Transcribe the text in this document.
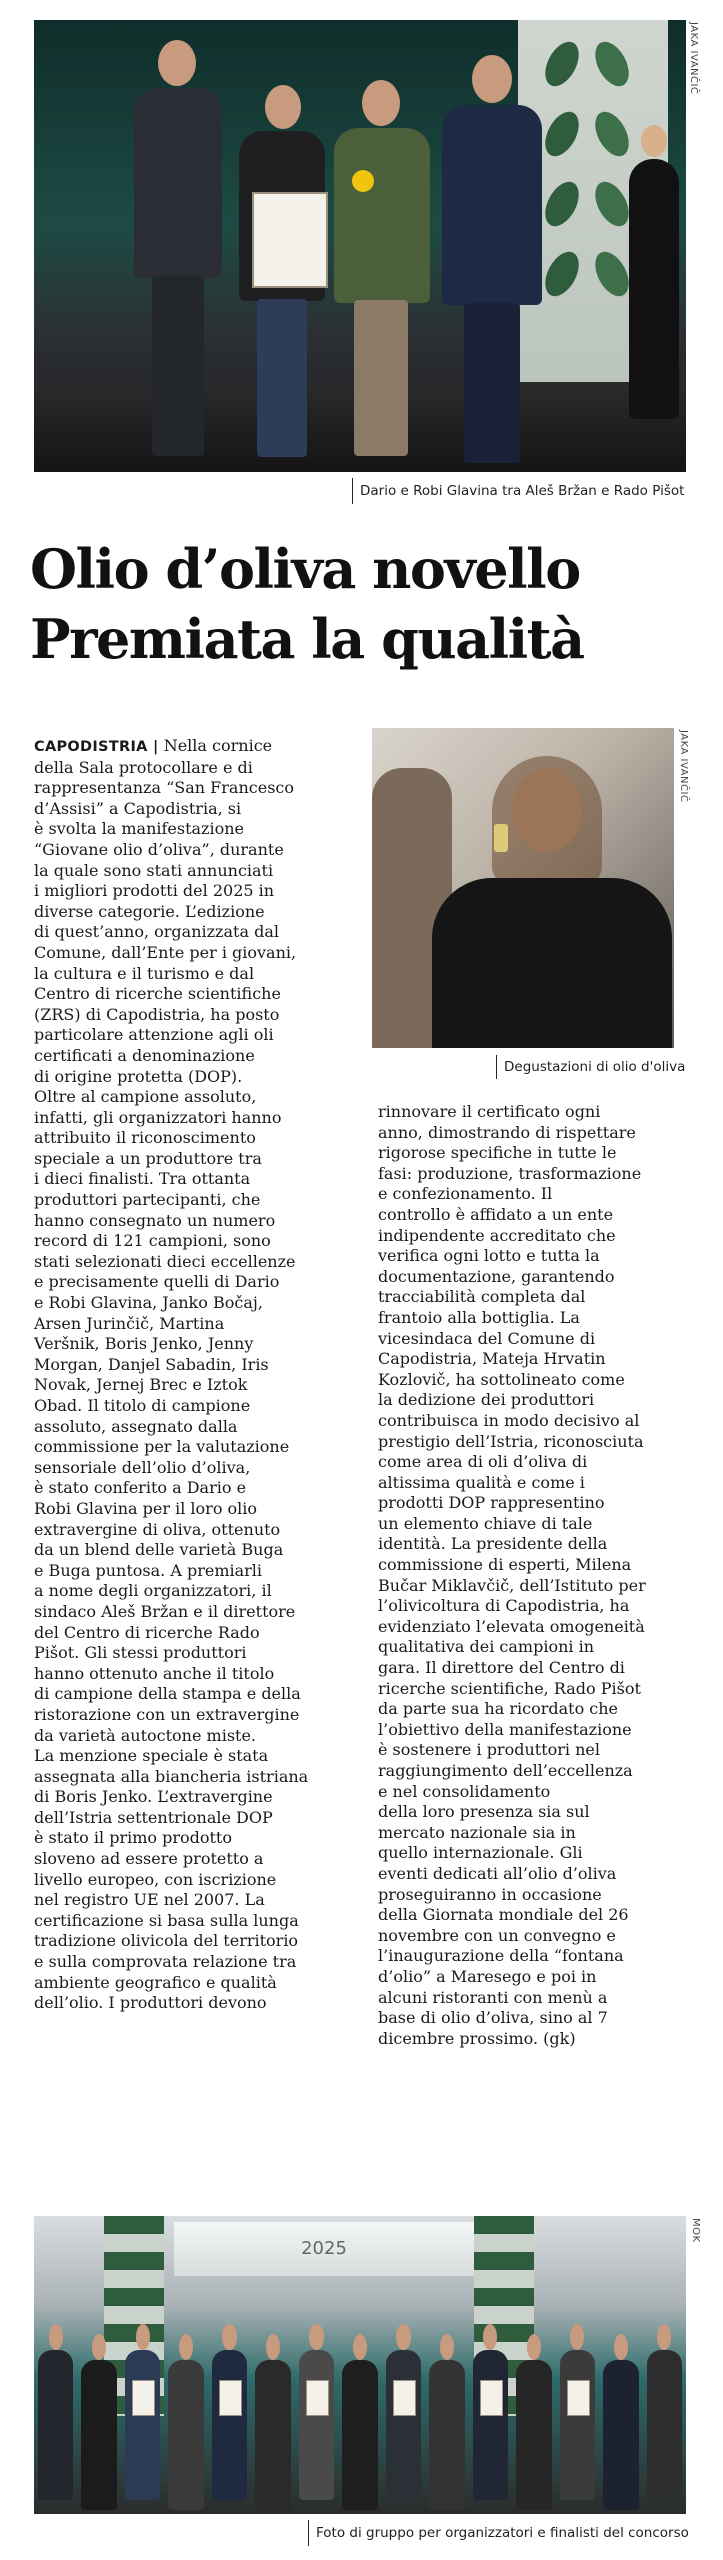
JAKA IVANČIČ
Dario e Robi Glavina tra Aleš Bržan e Rado Pišot
Olio d’oliva novello
Premiata la qualità
JAKA IVANČIČ
Degustazioni di olio d'oliva

CAPODISTRIA | Nella cornice
della Sala protocollare e di
rappresentanza “San Francesco
d’Assisi” a Capodistria, si
è svolta la manifestazione
“Giovane olio d’oliva”, durante
la quale sono stati annunciati
i migliori prodotti del 2025 in
diverse categorie. L’edizione
di quest’anno, organizzata dal
Comune, dall’Ente per i giovani,
la cultura e il turismo e dal
Centro di ricerche scientifiche
(ZRS) di Capodistria, ha posto
particolare attenzione agli oli
certificati a denominazione
di origine protetta (DOP).
Oltre al campione assoluto,
infatti, gli organizzatori hanno
attribuito il riconoscimento
speciale a un produttore tra
i dieci finalisti. Tra ottanta
produttori partecipanti, che
hanno consegnato un numero
record di 121 campioni, sono
stati selezionati dieci eccellenze
e precisamente quelli di Dario
e Robi Glavina, Janko Bočaj,
Arsen Jurinčič, Martina
Veršnik, Boris Jenko, Jenny
Morgan, Danjel Sabadin, Iris
Novak, Jernej Brec e Iztok
Obad. Il titolo di campione
assoluto, assegnato dalla
commissione per la valutazione
sensoriale dell’olio d’oliva,
è stato conferito a Dario e
Robi Glavina per il loro olio
extravergine di oliva, ottenuto
da un blend delle varietà Buga
e Buga puntosa. A premiarli
a nome degli organizzatori, il
sindaco Aleš Bržan e il direttore
del Centro di ricerche Rado
Pišot. Gli stessi produttori
hanno ottenuto anche il titolo
di campione della stampa e della
ristorazione con un extravergine
da varietà autoctone miste.
La menzione speciale è stata
assegnata alla biancheria istriana
di Boris Jenko. L’extravergine
dell’Istria settentrionale DOP
è stato il primo prodotto
sloveno ad essere protetto a
livello europeo, con iscrizione
nel registro UE nel 2007. La
certificazione si basa sulla lunga
tradizione olivicola del territorio
e sulla comprovata relazione tra
ambiente geografico e qualità
dell’olio. I produttori devono

rinnovare il certificato ogni
anno, dimostrando di rispettare
rigorose specifiche in tutte le
fasi: produzione, trasformazione
e confezionamento. Il
controllo è affidato a un ente
indipendente accreditato che
verifica ogni lotto e tutta la
documentazione, garantendo
tracciabilità completa dal
frantoio alla bottiglia. La
vicesindaca del Comune di
Capodistria, Mateja Hrvatin
Kozlovič, ha sottolineato come
la dedizione dei produttori
contribuisca in modo decisivo al
prestigio dell’Istria, riconosciuta
come area di oli d’oliva di
altissima qualità e come i
prodotti DOP rappresentino
un elemento chiave di tale
identità. La presidente della
commissione di esperti, Milena
Bučar Miklavčič, dell’Istituto per
l’olivicoltura di Capodistria, ha
evidenziato l’elevata omogeneità
qualitativa dei campioni in
gara. Il direttore del Centro di
ricerche scientifiche, Rado Pišot
da parte sua ha ricordato che
l’obiettivo della manifestazione
è sostenere i produttori nel
raggiungimento dell’eccellenza
e nel consolidamento
della loro presenza sia sul
mercato nazionale sia in
quello internazionale. Gli
eventi dedicati all’olio d’oliva
proseguiranno in occasione
della Giornata mondiale del 26
novembre con un convegno e
l’inaugurazione della “fontana
d’olio” a Maresego e poi in
alcuni ristoranti con menù a
base di olio d’oliva, sino al 7
dicembre prossimo. (gk)

2025
MOK
Foto di gruppo per organizzatori e finalisti del concorso
